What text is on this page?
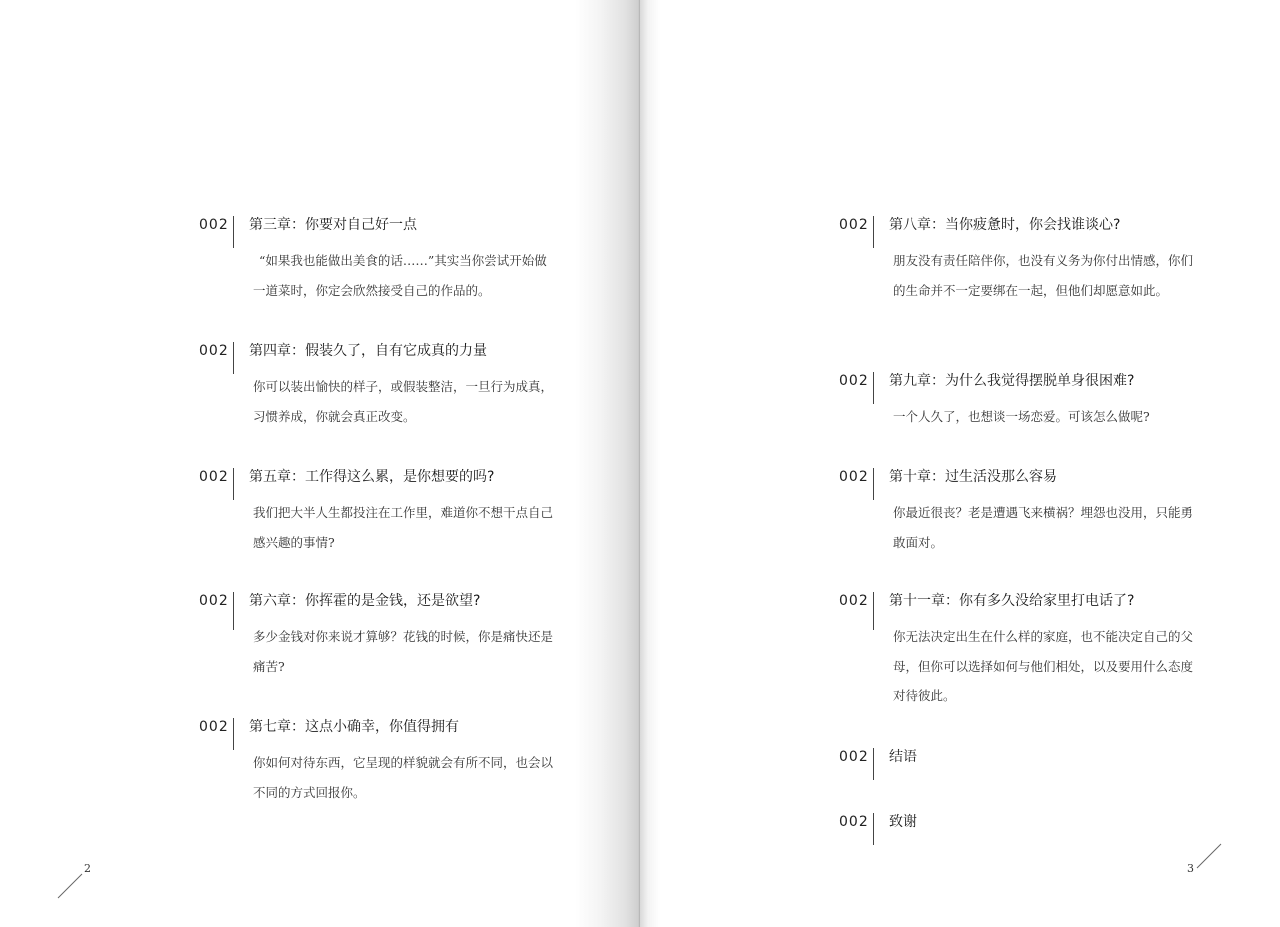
002 第三章：你要对自己好一点
“如果我也能做出美食的话……”其实当你尝试开始做一道菜时，你定会欣然接受自己的作品的。
002 第四章：假装久了，自有它成真的力量
你可以装出愉快的样子，或假装整洁，一旦行为成真，习惯养成，你就会真正改变。
002 第五章：工作得这么累，是你想要的吗?
我们把大半人生都投注在工作里，难道你不想干点自己感兴趣的事情?
002 第六章：你挥霍的是金钱，还是欲望?
多少金钱对你来说才算够？花钱的时候，你是痛快还是痛苦?
002 第七章：这点小确幸，你值得拥有
你如何对待东西，它呈现的样貌就会有所不同，也会以不同的方式回报你。
2
002 第八章：当你疲惫时，你会找谁谈心?
朋友没有责任陪伴你，也没有义务为你付出情感，你们的生命并不一定要绑在一起，但他们却愿意如此。
002 第九章：为什么我觉得摆脱单身很困难?
一个人久了，也想谈一场恋爱。可该怎么做呢?
002 第十章：过生活没那么容易
你最近很丧？老是遭遇飞来横祸？埋怨也没用，只能勇敢面对。
002 第十一章：你有多久没给家里打电话了?
你无法决定出生在什么样的家庭，也不能决定自己的父母，但你可以选择如何与他们相处，以及要用什么态度对待彼此。
002 结语
002 致谢
3
